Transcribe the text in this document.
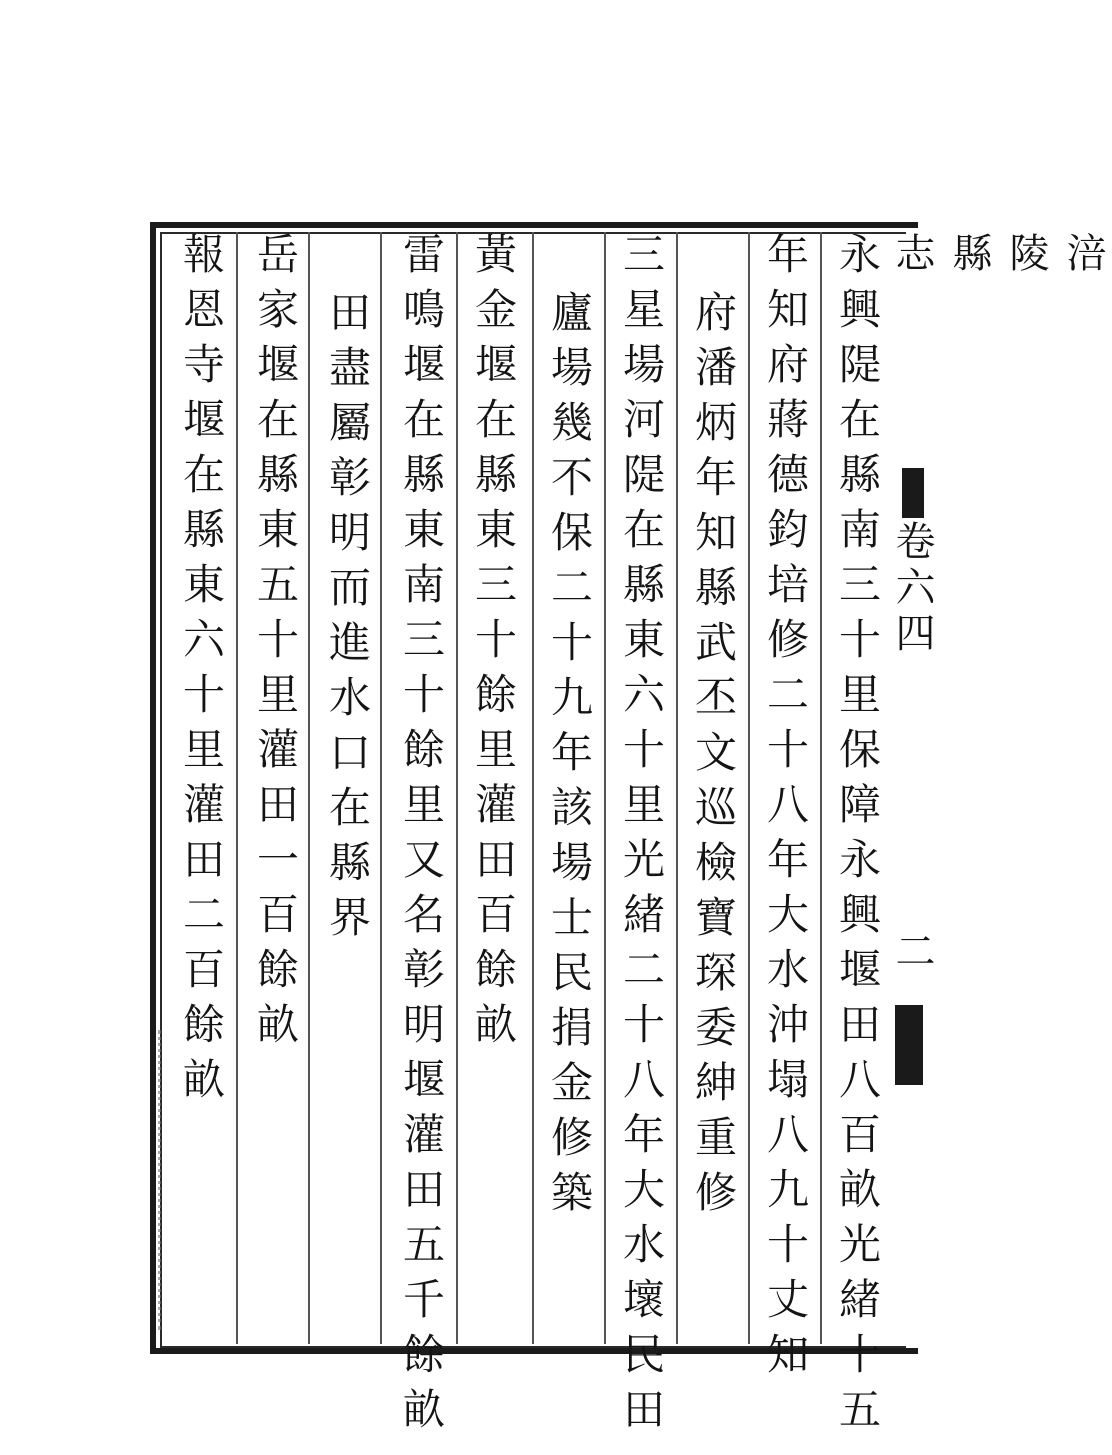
涪陵縣志
卷六四
二
永興隄在縣南三十里保障永興堰田八百畝光緒十五
年知府蔣德鈞培修二十八年大水沖塌八九十丈知
府潘炳年知縣武丕文巡檢寶琛委紳重修
三星場河隄在縣東六十里光緒二十八年大水壞民田
廬場幾不保二十九年該場士民捐金修築
黃金堰在縣東三十餘里灌田百餘畝
雷鳴堰在縣東南三十餘里又名彰明堰灌田五千餘畝
田盡屬彰明而進水口在縣界
岳家堰在縣東五十里灌田一百餘畝
報恩寺堰在縣東六十里灌田二百餘畝
